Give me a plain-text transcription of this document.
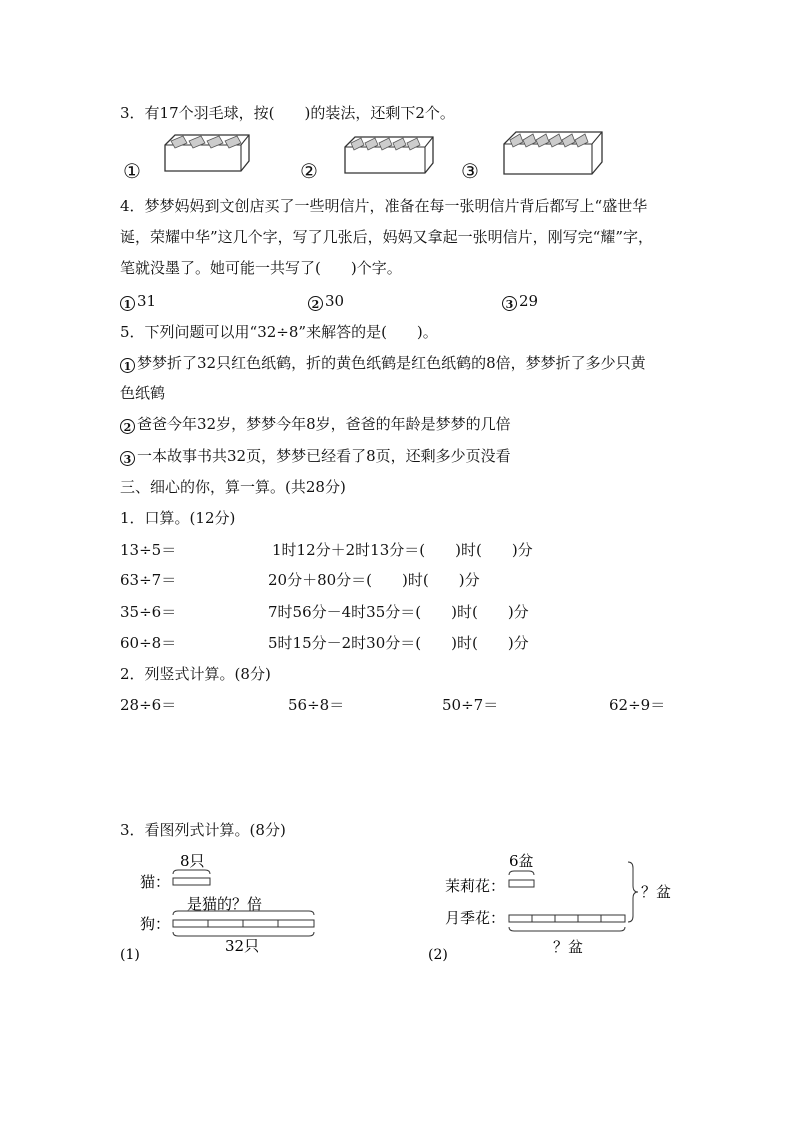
3．有17个羽毛球，按(　　)的装法，还剩下2个。
①	②	③
4．梦梦妈妈到文创店买了一些明信片，准备在每一张明信片背后都写上“盛世华
诞，荣耀中华”这几个字，写了几张后，妈妈又拿起一张明信片，刚写完“耀”字，
笔就没墨了。她可能一共写了(　　)个字。
1 31	2 30	3 29
5．下列问题可以用“32÷8”来解答的是(　　)。
1 梦梦折了32只红色纸鹤，折的黄色纸鹤是红色纸鹤的8倍，梦梦折了多少只黄
色纸鹤
2 爸爸今年32岁，梦梦今年8岁，爸爸的年龄是梦梦的几倍
3 一本故事书共32页，梦梦已经看了8页，还剩多少页没看
三、细心的你，算一算。(共28分)
1．口算。(12分)
13÷5＝	1时12分＋2时13分＝(　　)时(　　)分
63÷7＝	20分＋80分＝(　　)时(　　)分
35÷6＝	7时56分－4时35分＝(　　)时(　　)分
60÷8＝	5时15分－2时30分＝(　　)时(　　)分
2．列竖式计算。(8分)
28÷6＝	56÷8＝	50÷7＝	62÷9＝
3．看图列式计算。(8分)
8只
猫：
是猫的？倍
狗：
32只
(1)
6盆
茉莉花：
月季花：
？盆
？盆
(2)
